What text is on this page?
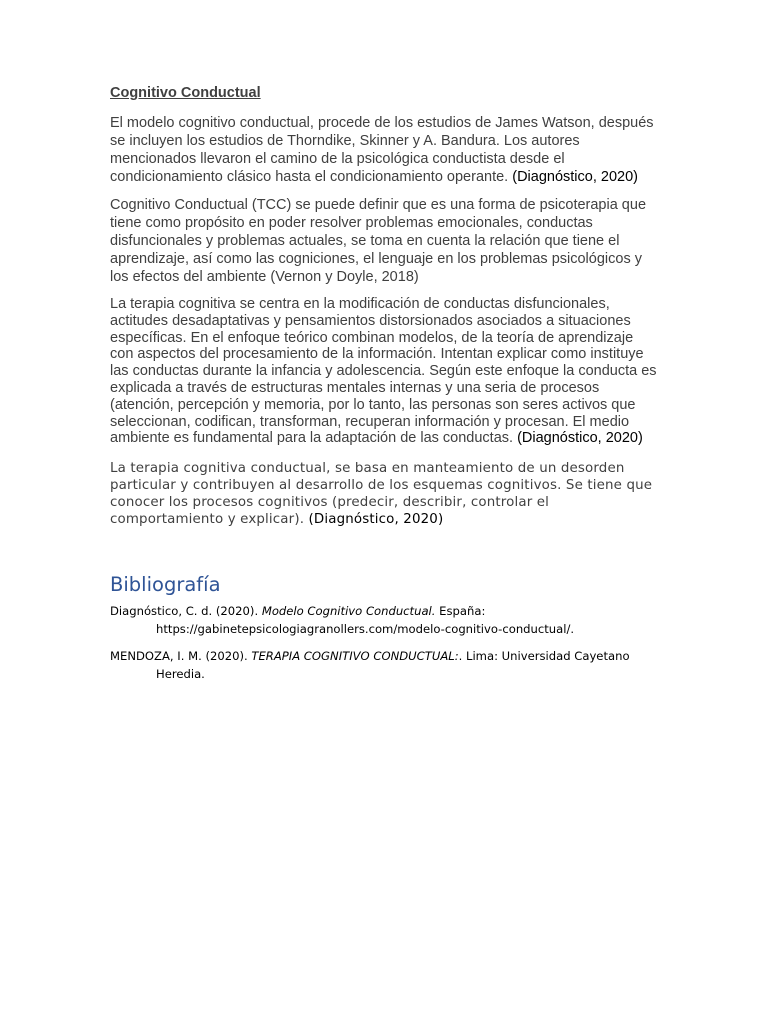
Cognitivo Conductual

El modelo cognitivo conductual, procede de los estudios de James Watson, después se incluyen los estudios de Thorndike, Skinner y A. Bandura. Los autores mencionados llevaron el camino de la psicológica conductista desde el condicionamiento clásico hasta el condicionamiento operante. (Diagnóstico, 2020)

Cognitivo Conductual (TCC) se puede definir que es una forma de psicoterapia que tiene como propósito en poder resolver problemas emocionales, conductas disfuncionales y problemas actuales, se toma en cuenta la relación que tiene el aprendizaje, así como las cogniciones, el lenguaje en los problemas psicológicos y los efectos del ambiente (Vernon y Doyle, 2018)

La terapia cognitiva se centra en la modificación de conductas disfuncionales, actitudes desadaptativas y pensamientos distorsionados asociados a situaciones específicas. En el enfoque teórico combinan modelos, de la teoría de aprendizaje con aspectos del procesamiento de la información. Intentan explicar como instituye las conductas durante la infancia y adolescencia. Según este enfoque la conducta es explicada a través de estructuras mentales internas y una seria de procesos (atención, percepción y memoria, por lo tanto, las personas son seres activos que seleccionan, codifican, transforman, recuperan información y procesan. El medio ambiente es fundamental para la adaptación de las conductas. (Diagnóstico, 2020)

La terapia cognitiva conductual, se basa en manteamiento de un desorden particular y contribuyen al desarrollo de los esquemas cognitivos. Se tiene que conocer los procesos cognitivos (predecir, describir, controlar el comportamiento y explicar). (Diagnóstico, 2020)

Bibliografía

Diagnóstico, C. d. (2020). Modelo Cognitivo Conductual. España: https://gabinetepsicologiagranollers.com/modelo-cognitivo-conductual/.

MENDOZA, I. M. (2020). TERAPIA COGNITIVO CONDUCTUAL:. Lima: Universidad Cayetano Heredia.
